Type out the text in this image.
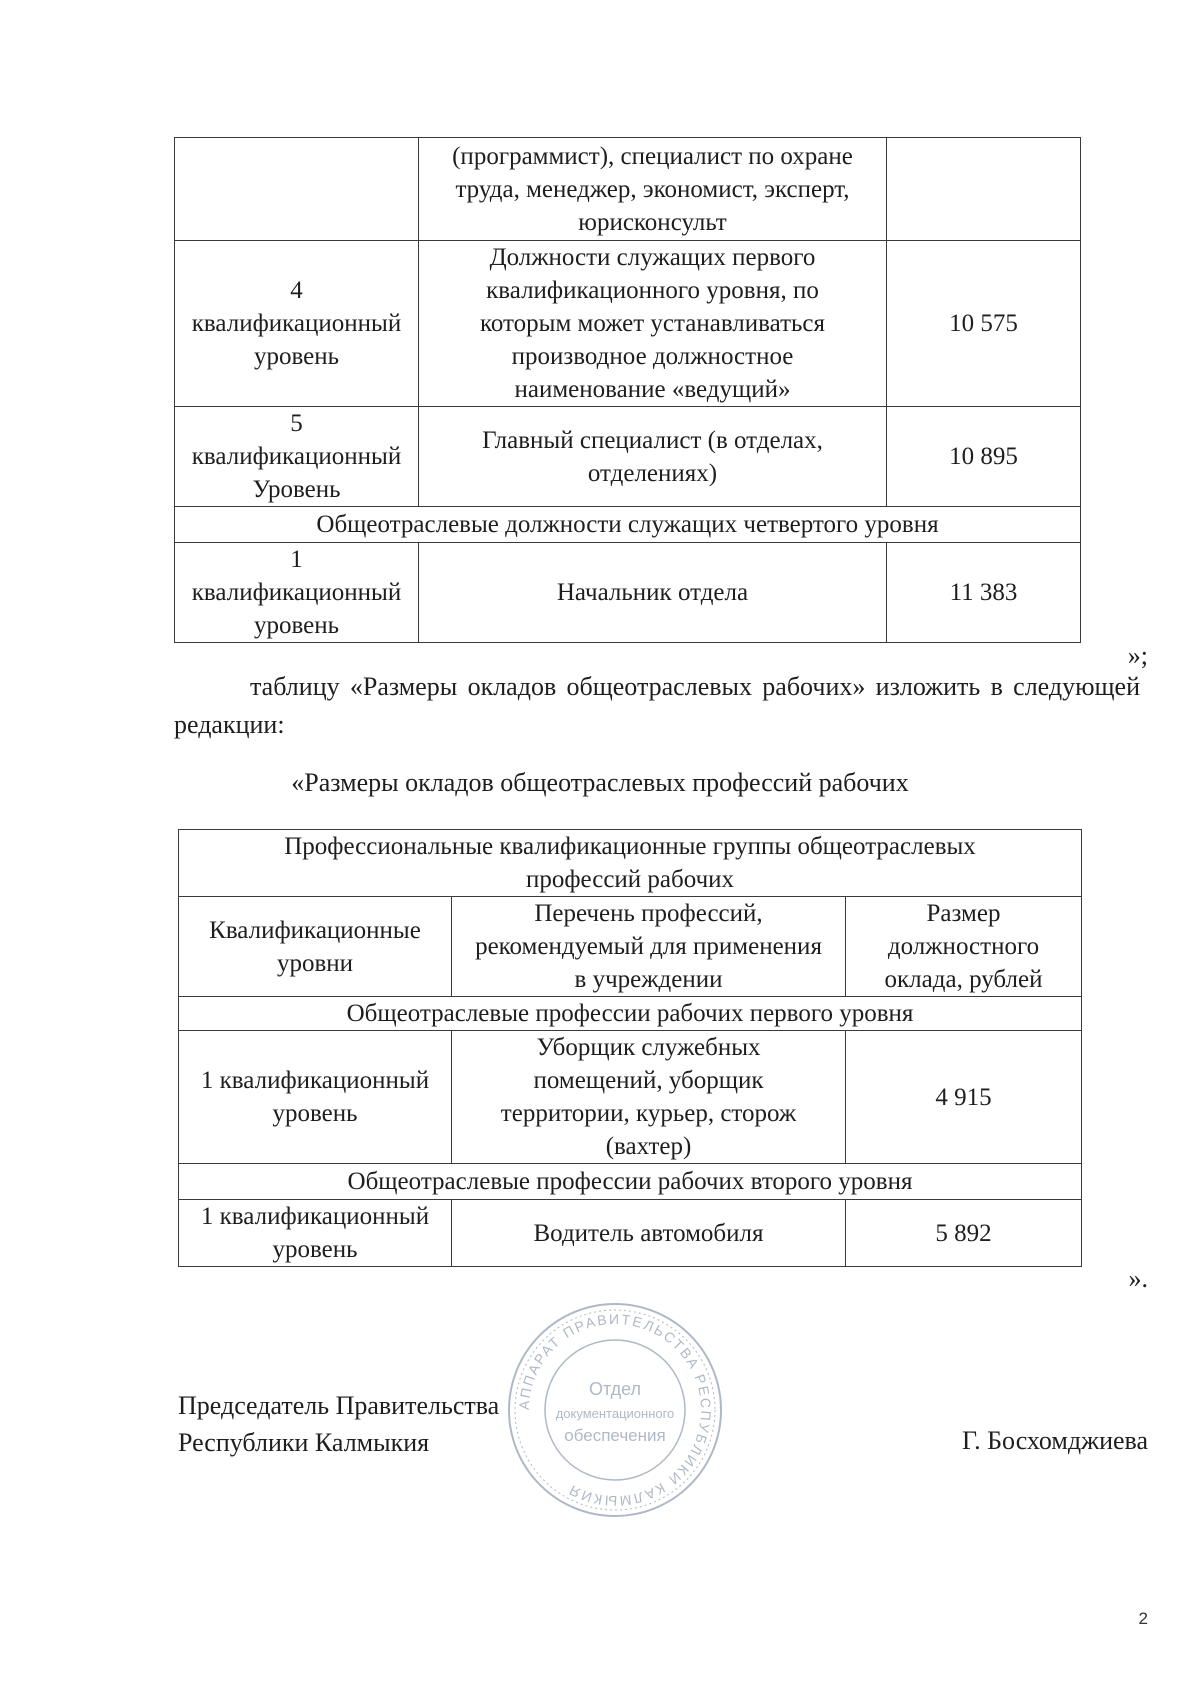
	(программист), специалист по охране
труда, менеджер, экономист, эксперт,
юрисконсульт	
4
квалификационный
уровень	Должности служащих первого
квалификационного уровня, по
которым может устанавливаться
производное должностное
наименование «ведущий»	10 575
5
квалификационный
Уровень	Главный специалист (в отделах,
отделениях)	10 895
Общеотраслевые должности служащих четвертого уровня		
1
квалификационный
уровень	Начальник отдела	11 383
»;
таблицу «Размеры окладов общеотраслевых рабочих» изложить в следующей редакции:
«Размеры окладов общеотраслевых профессий рабочих
Профессиональные квалификационные группы общеотраслевых
профессий рабочих		
Квалификационные
уровни	Перечень профессий,
рекомендуемый для применения
в учреждении	Размер
должностного
оклада, рублей
Общеотраслевые профессии рабочих первого уровня		
1 квалификационный
уровень	Уборщик служебных
помещений, уборщик
территории, курьер, сторож
(вахтер)	4 915
Общеотраслевые профессии рабочих второго уровня		
1 квалификационный
уровень	Водитель автомобиля	5 892
».
Председатель Правительства
Республики Калмыкия	Г. Босхомджиева
АППАРАТ ПРАВИТЕЛЬСТВА РЕСПУБЛИКИ КАЛМЫКИЯ
Отдел
документационного
обеспечения
2
